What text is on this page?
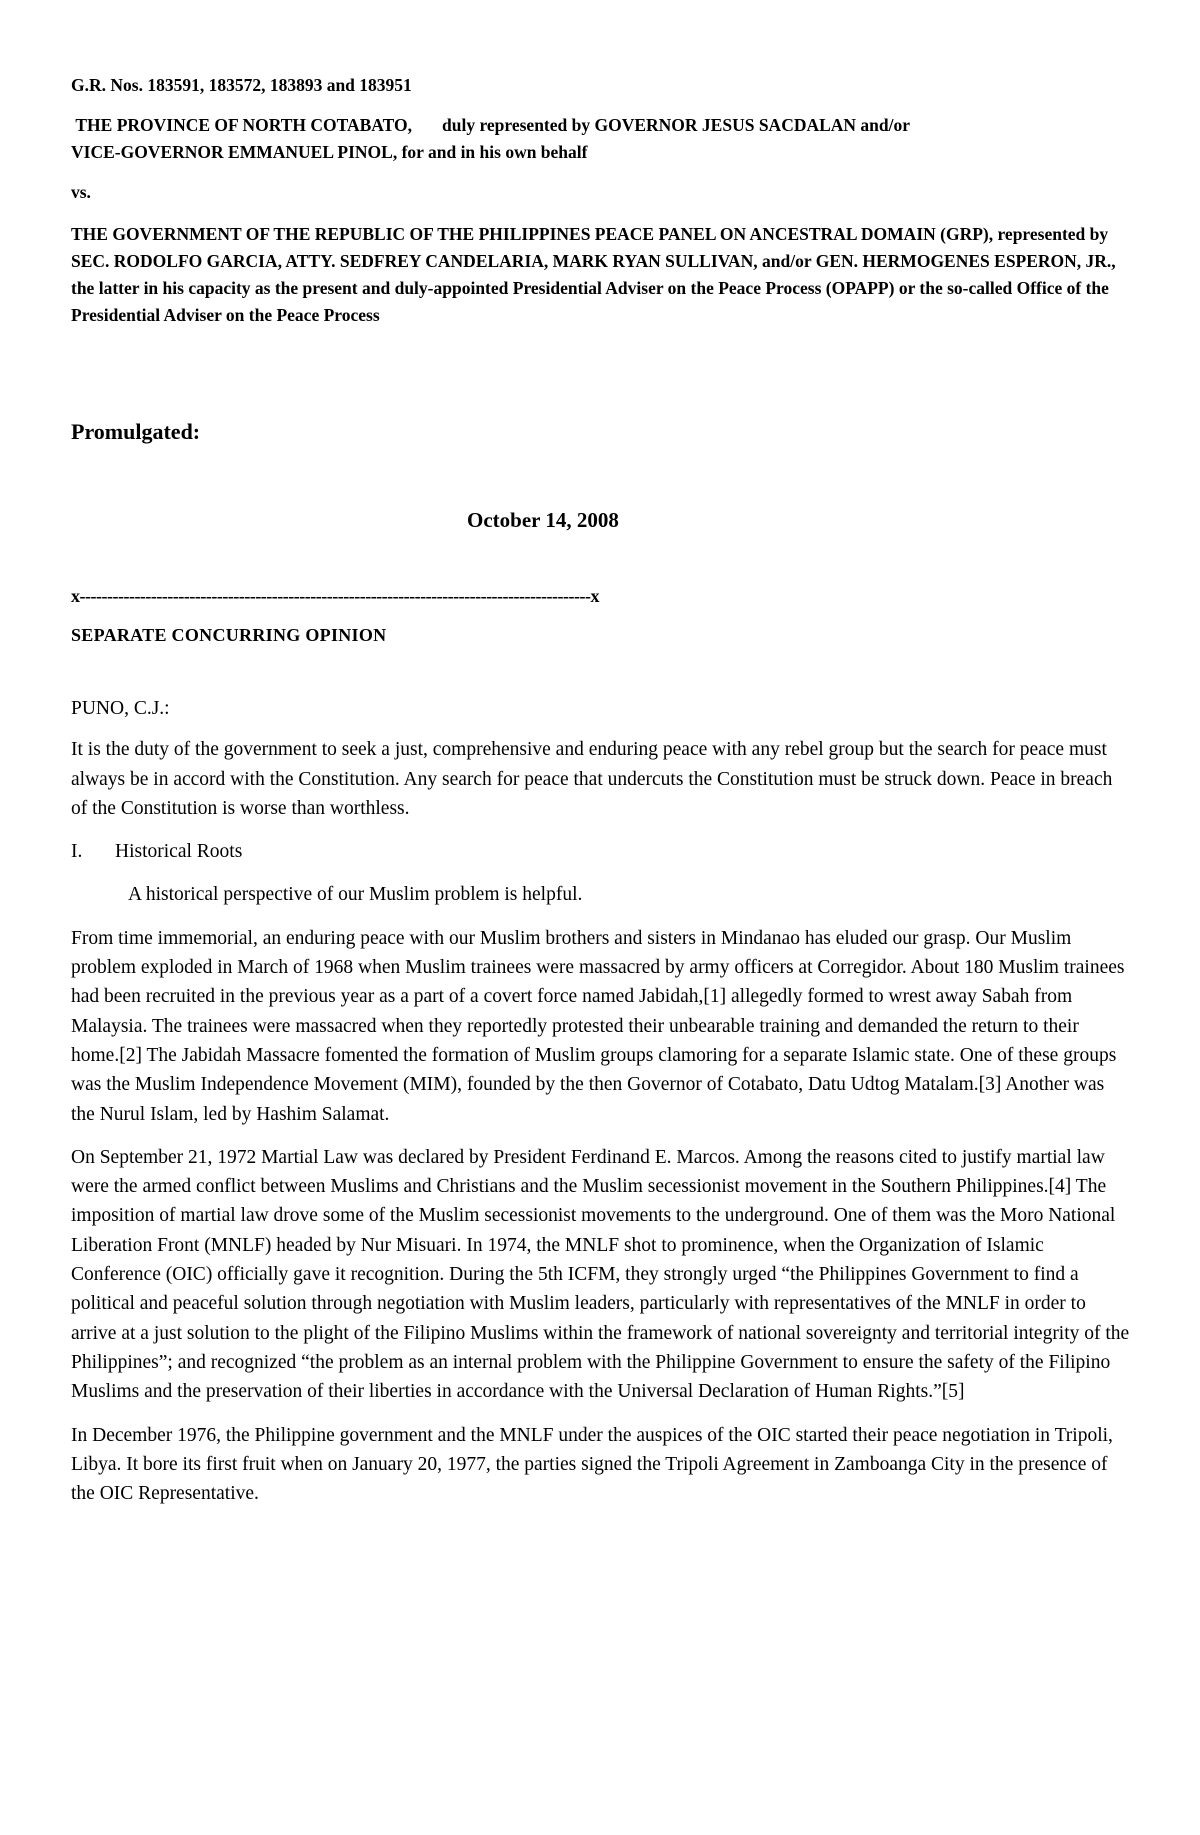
G.R. Nos. 183591, 183572, 183893 and 183951

THE PROVINCE OF NORTH COTABATO, duly represented by GOVERNOR JESUS SACDALAN and/or
VICE-GOVERNOR EMMANUEL PINOL, for and in his own behalf

vs.

THE GOVERNMENT OF THE REPUBLIC OF THE PHILIPPINES PEACE PANEL ON ANCESTRAL DOMAIN (GRP), represented by SEC. RODOLFO GARCIA, ATTY. SEDFREY CANDELARIA, MARK RYAN SULLIVAN, and/or GEN. HERMOGENES ESPERON, JR., the latter in his capacity as the present and duly-appointed Presidential Adviser on the Peace Process (OPAPP) or the so-called Office of the Presidential Adviser on the Peace Process

Promulgated:

October 14, 2008

x---------------------------------------------------------------------------------------------x

SEPARATE CONCURRING OPINION

PUNO, C.J.:

It is the duty of the government to seek a just, comprehensive and enduring peace with any rebel group but the search for peace must always be in accord with the Constitution. Any search for peace that undercuts the Constitution must be struck down. Peace in breach of the Constitution is worse than worthless.

I.	Historical Roots

A historical perspective of our Muslim problem is helpful.

From time immemorial, an enduring peace with our Muslim brothers and sisters in Mindanao has eluded our grasp. Our Muslim problem exploded in March of 1968 when Muslim trainees were massacred by army officers at Corregidor. About 180 Muslim trainees had been recruited in the previous year as a part of a covert force named Jabidah,[1] allegedly formed to wrest away Sabah from Malaysia. The trainees were massacred when they reportedly protested their unbearable training and demanded the return to their home.[2] The Jabidah Massacre fomented the formation of Muslim groups clamoring for a separate Islamic state. One of these groups was the Muslim Independence Movement (MIM), founded by the then Governor of Cotabato, Datu Udtog Matalam.[3] Another was the Nurul Islam, led by Hashim Salamat.

On September 21, 1972 Martial Law was declared by President Ferdinand E. Marcos. Among the reasons cited to justify martial law were the armed conflict between Muslims and Christians and the Muslim secessionist movement in the Southern Philippines.[4] The imposition of martial law drove some of the Muslim secessionist movements to the underground. One of them was the Moro National Liberation Front (MNLF) headed by Nur Misuari. In 1974, the MNLF shot to prominence, when the Organization of Islamic Conference (OIC) officially gave it recognition. During the 5th ICFM, they strongly urged “the Philippines Government to find a political and peaceful solution through negotiation with Muslim leaders, particularly with representatives of the MNLF in order to arrive at a just solution to the plight of the Filipino Muslims within the framework of national sovereignty and territorial integrity of the Philippines”; and recognized “the problem as an internal problem with the Philippine Government to ensure the safety of the Filipino Muslims and the preservation of their liberties in accordance with the Universal Declaration of Human Rights.”[5]

In December 1976, the Philippine government and the MNLF under the auspices of the OIC started their peace negotiation in Tripoli, Libya. It bore its first fruit when on January 20, 1977, the parties signed the Tripoli Agreement in Zamboanga City in the presence of the OIC Representative.
